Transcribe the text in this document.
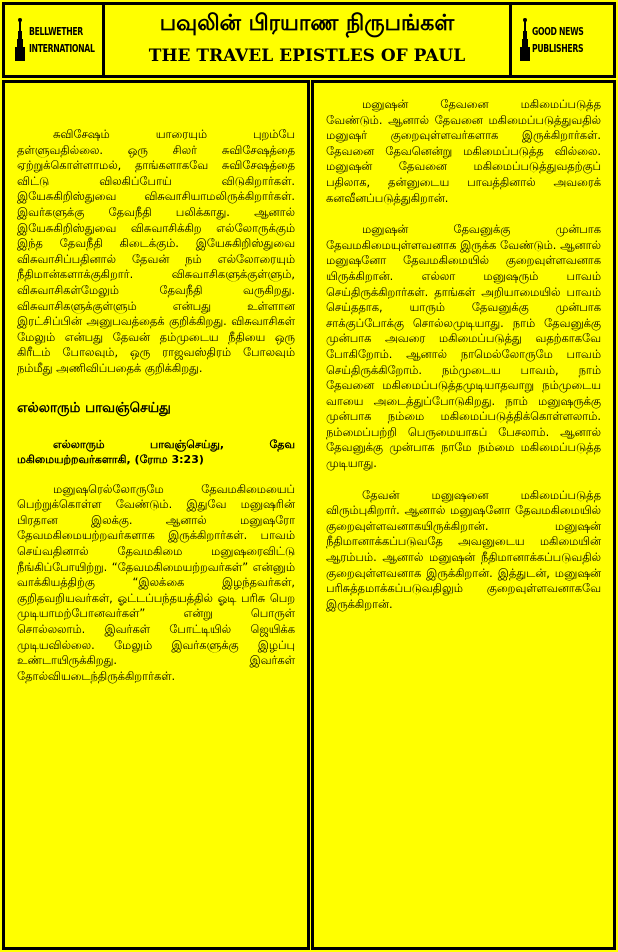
BELLWETHER
INTERNATIONAL
பவுலின் பிரயாண நிருபங்கள்
THE TRAVEL EPISTLES OF PAUL
GOOD NEWS
PUBLISHERS

சுவிசேஷம் யாரையும் புறம்பே தள்ளுவதில்லை. ஒரு சிலர் சுவிசேஷத்தை ஏற்றுக்கொள்ளாமல், தாங்களாகவே சுவிசேஷத்தை விட்டு விலகிப்போய் விடுகிறார்கள். இயேசுகிறிஸ்துவை விசுவாசியாமலிருக்கிறார்கள். இவர்களுக்கு தேவநீதி பலிக்காது. ஆனால் இயேசுகிறிஸ்துவை விசுவாசிக்கிற எல்லோருக்கும் இந்த தேவநீதி கிடைக்கும். இயேசுகிறிஸ்துவை விசுவாசிப்பதினால் தேவன் நம் எல்லோரையும் நீதிமான்களாக்குகிறார். விசுவாசிகளுக்குள்ளும், விசுவாசிகள்மேலும் தேவநீதி வருகிறது. விசுவாசிகளுக்குள்ளும் என்பது உள்ளான இரட்சிப்பின் அனுபவத்தைக் குறிக்கிறது. விசுவாசிகள் மேலும் என்பது தேவன் தம்முடைய நீதியை ஒரு கிரீடம் போலவும், ஒரு ராஜவஸ்திரம் போலவும் நம்மீது அணிவிப்பதைக் குறிக்கிறது.

எல்லாரும் பாவஞ்செய்து

எல்லாரும் பாவஞ்செய்து, தேவ மகிமையற்றவர்களாகி, (ரோம 3:23)

மனுஷரெல்லோருமே தேவமகிமையைப் பெற்றுக்கொள்ள வேண்டும். இதுவே மனுஷரின் பிரதான இலக்கு. ஆனால் மனுஷரோ தேவமகிமையற்றவர்களாக இருக்கிறார்கள். பாவம் செய்வதினால் தேவமகிமை மனுஷரைவிட்டு நீங்கிப்போயிற்று. “தேவமகிமையற்றவர்கள்” என்னும் வாக்கியத்திற்கு “இலக்கை இழந்தவர்கள், குறிதவறியவர்கள், ஓட்டப்பந்தயத்தில் ஓடி பரிசு பெற முடியாமற்போனவர்கள்” என்று பொருள் சொல்லலாம். இவர்கள் போட்டியில் ஜெயிக்க முடியவில்லை. மேலும் இவர்களுக்கு இழப்பு உண்டாயிருக்கிறது. இவர்கள் தோல்வியடைந்திருக்கிறார்கள்.

மனுஷன் தேவனை மகிமைப்படுத்த வேண்டும். ஆனால் தேவனை மகிமைப்படுத்துவதில் மனுஷர் குறைவுள்ளவர்களாக இருக்கிறார்கள். தேவனை தேவனென்று மகிமைப்படுத்த வில்லை. மனுஷன் தேவனை மகிமைப்படுத்துவதற்குப் பதிலாக, தன்னுடைய பாவத்தினால் அவரைக் கனவீனப்படுத்துகிறான்.

மனுஷன் தேவனுக்கு முன்பாக தேவமகிமையுள்ளவனாக இருக்க வேண்டும். ஆனால் மனுஷனோ தேவமகிமையில் குறைவுள்ளவனாக யிருக்கிறான். எல்லா மனுஷரும் பாவம் செய்திருக்கிறார்கள். தாங்கள் அறியாமையில் பாவம் செய்ததாக, யாரும் தேவனுக்கு முன்பாக சாக்குப்போக்கு சொல்லமுடியாது. நாம் தேவனுக்கு முன்பாக அவரை மகிமைப்படுத்து வதற்காகவே போகிறோம். ஆனால் நாமெல்லோருமே பாவம் செய்திருக்கிறோம். நம்முடைய பாவம், நாம் தேவனை மகிமைப்படுத்தமுடியாதவாறு நம்முடைய வாயை அடைத்துப்போடுகிறது. நாம் மனுஷருக்கு முன்பாக நம்மை மகிமைப்படுத்திக்கொள்ளலாம். நம்மைப்பற்றி பெருமையாகப் பேசலாம். ஆனால் தேவனுக்கு முன்பாக நாமே நம்மை மகிமைப்படுத்த முடியாது.

தேவன் மனுஷனை மகிமைப்படுத்த விரும்புகிறார். ஆனால் மனுஷனோ தேவமகிமையில் குறைவுள்ளவனாகயிருக்கிறான். மனுஷன் நீதிமானாக்கப்படுவதே அவனுடைய மகிமையின் ஆரம்பம். ஆனால் மனுஷன் நீதிமானாக்கப்படுவதில் குறைவுள்ளவனாக இருக்கிறான். இத்துடன், மனுஷன் பரிசுத்தமாக்கப்படுவதிலும் குறைவுள்ளவனாகவே இருக்கிறான்.
